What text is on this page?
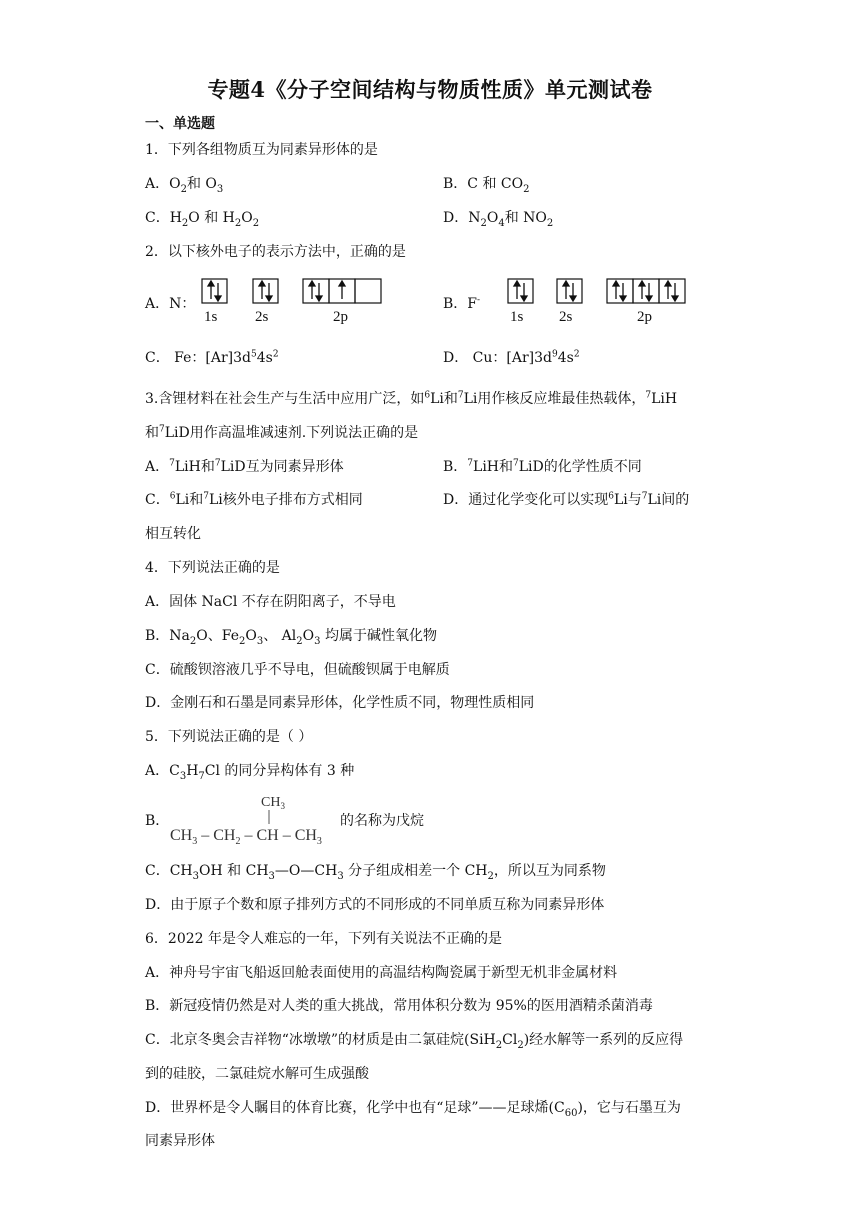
专题4《分子空间结构与物质性质》单元测试卷
一、单选题
1．下列各组物质互为同素异形体的是
A．$O_2$和 $O_3$	B．C 和 $CO_2$
C．$H_2O$ 和 $H_2O_2$	D．$N_2O_4$和 $NO_2$
2．以下核外电子的表示方法中，正确的是
A．N：
1s	2s	2p
B．F-
1s 2s	2p
C． Fe：$[Ar]3d^54s^2$	D． Cu：$[Ar]3d^94s^2$
3.含锂材料在社会生产与生活中应用广泛，如$^6$Li和$^7$Li用作核反应堆最佳热载体，$^7$LiH
和$^7$LiD用作高温堆减速剂.下列说法正确的是
A．$^7$LiH和$^7$LiD互为同素异形体	B．$^7$LiH和$^7$LiD的化学性质不同
C．$^6$Li和$^7$Li核外电子排布方式相同	D．通过化学变化可以实现$^6$Li与$^7$Li间的
相互转化
4．下列说法正确的是
A．固体 NaCl 不存在阴阳离子，不导电
B．$Na_2O$、$Fe_2O_3$、 $Al_2O_3$ 均属于碱性氧化物
C．硫酸钡溶液几乎不导电，但硫酸钡属于电解质
D．金刚石和石墨是同素异形体，化学性质不同，物理性质相同
5．下列说法正确的是（ ）
A．$C_3H_7Cl$ 的同分异构体有 3 种
B．
$CH_3$
$CH_3 - CH_2$ – CH – $CH_3$
的名称为戊烷
C．$CH_3OH$ 和 $CH_3—O—CH_3$ 分子组成相差一个 $CH_2$，所以互为同系物
D．由于原子个数和原子排列方式的不同形成的不同单质互称为同素异形体
6．2022 年是令人难忘的一年，下列有关说法不正确的是
A．神舟号宇宙飞船返回舱表面使用的高温结构陶瓷属于新型无机非金属材料
B．新冠疫情仍然是对人类的重大挑战，常用体积分数为 95%的医用酒精杀菌消毒
C．北京冬奥会吉祥物“冰墩墩”的材质是由二氯硅烷$(SiH_2Cl_2)$经水解等一系列的反应得
到的硅胶，二氯硅烷水解可生成强酸
D．世界杯是令人瞩目的体育比赛，化学中也有“足球”——足球烯$(C_{60})$，它与石墨互为
同素异形体
